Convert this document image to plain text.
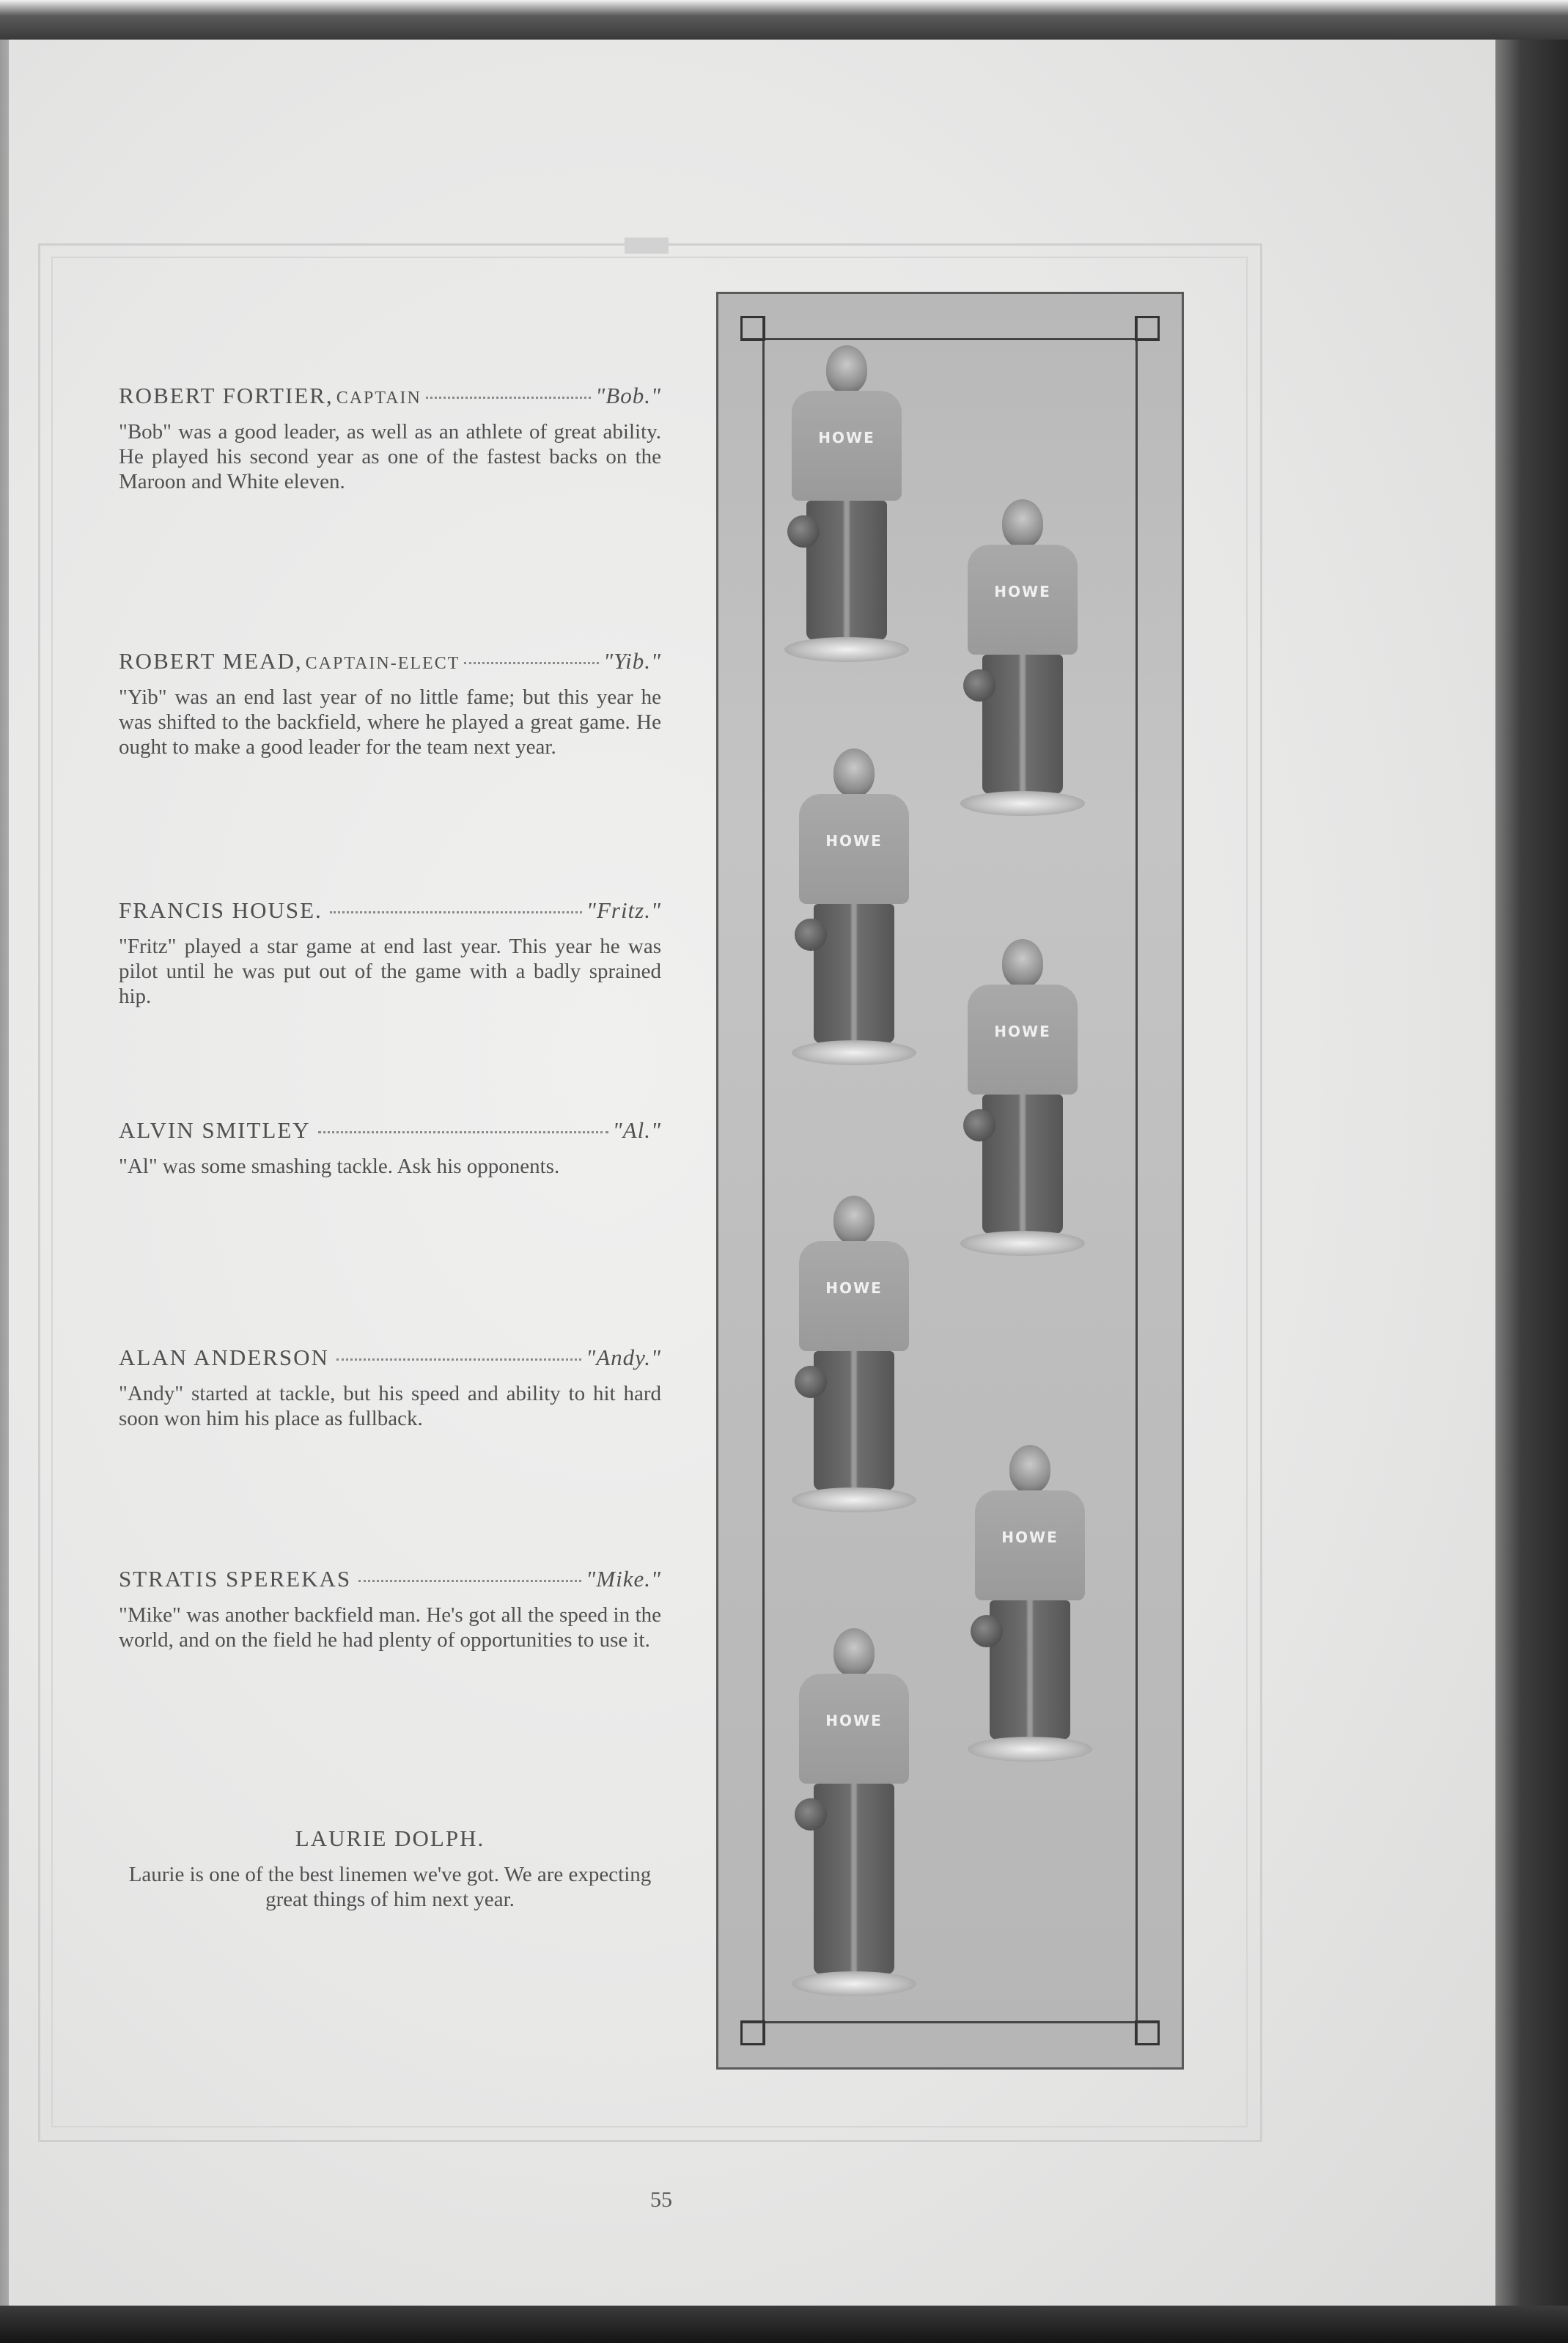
ROBERT FORTIER, CAPTAIN	"Bob."
"Bob" was a good leader, as well as an athlete of great ability. He played his second year as one of the fastest backs on the Maroon and White eleven.
ROBERT MEAD, CAPTAIN-ELECT	"Yib."
"Yib" was an end last year of no little fame; but this year he was shifted to the backfield, where he played a great game. He ought to make a good leader for the team next year.
FRANCIS HOUSE.	"Fritz."
"Fritz" played a star game at end last year. This year he was pilot until he was put out of the game with a badly sprained hip.
ALVIN SMITLEY	"Al."
"Al" was some smashing tackle. Ask his opponents.
ALAN ANDERSON	"Andy."
"Andy" started at tackle, but his speed and ability to hit hard soon won him his place as fullback.
STRATIS SPEREKAS	"Mike."
"Mike" was another backfield man. He's got all the speed in the world, and on the field he had plenty of opportunities to use it.
LAURIE DOLPH.
Laurie is one of the best linemen we've got. We are expecting great things of him next year.
HOWE
HOWE
HOWE
HOWE
HOWE
HOWE
HOWE
55
